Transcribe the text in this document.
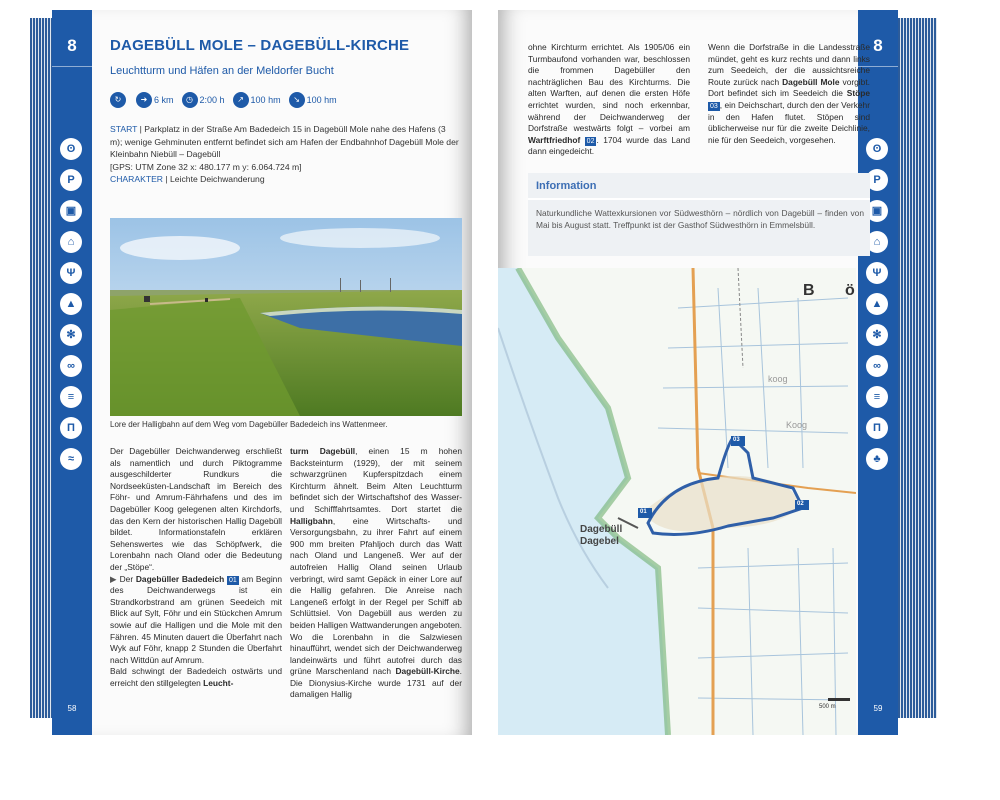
8
ʘ
P
▣
⌂
Ψ
▲
✻
∞
≡
Π
≈
58
DAGEBÜLL MOLE – DAGEBÜLL-KIRCHE
Leuchtturm und Häfen an der Meldorfer Bucht
↻	➜ 6 km	◷ 2:00 h	↗ 100 hm	↘ 100 hm
START | Parkplatz in der Straße Am Badedeich 15 in Dagebüll Mole nahe des Hafens (3 m); wenige Gehminuten entfernt befindet sich am Hafen der Endbahnhof Dagebüll Mole der Kleinbahn Niebüll – Dagebüll
[GPS: UTM Zone 32 x: 480.177 m y: 6.064.724 m]
CHARAKTER | Leichte Deichwanderung
Lore der Halligbahn auf dem Weg vom Dagebüller Badedeich ins Wattenmeer.
Der Dagebüller Deichwanderweg erschließt als namentlich und durch Piktogramme ausgeschilderter Rundkurs die Nordseeküsten-Landschaft im Bereich des Föhr- und Amrum-Fährhafens und des im Dagebüller Koog gelegenen alten Kirchdorfs, das den Kern der historischen Hallig Dagebüll bildet. Informationstafeln erklären Sehenswertes wie das Schöpfwerk, die Lorenbahn nach Oland oder die Bedeutung der „Stöpe“.
▶ Der Dagebüller Badedeich 01 am Beginn des Deichwanderwegs ist ein Strandkorbstrand am grünen Seedeich mit Blick auf Sylt, Föhr und ein Stückchen Amrum sowie auf die Halligen und die Mole mit den Fähren. 45 Minuten dauert die Überfahrt nach Wyk auf Föhr, knapp 2 Stunden die Überfahrt nach Wittdün auf Amrum.
Bald schwingt der Badedeich ostwärts und erreicht den stillgelegten Leucht-
turm Dagebüll, einen 15 m hohen Backsteinturm (1929), der mit seinem schwarzgrünen Kupferspitzdach einem Kirchturm ähnelt. Beim Alten Leuchtturm befindet sich der Wirtschaftshof des Wasser- und Schifffahrtsamtes. Dort startet die Halligbahn, eine Wirtschafts- und Versorgungsbahn, zu ihrer Fahrt auf einem 900 mm breiten Pfahljoch durch das Watt nach Oland und Langeneß. Wer auf der autofreien Hallig Oland seinen Urlaub verbringt, wird samt Gepäck in einer Lore auf die Hallig gefahren. Die Anreise nach Langeneß erfolgt in der Regel per Schiff ab Schlüttsiel. Von Dagebüll aus werden zu beiden Halligen Wattwanderungen angeboten.
Wo die Lorenbahn in die Salzwiesen hinaufführt, wendet sich der Deichwanderweg landeinwärts und führt autofrei durch das grüne Marschenland nach Dagebüll-Kirche. Die Dionysius-Kirche wurde 1731 auf der damaligen Hallig
8
ʘ
P
▣
⌂
Ψ
▲
✻
∞
≡
Π
♣
59
ohne Kirchturm errichtet. Als 1905/06 ein Turmbaufond vorhanden war, beschlossen die frommen Dagebüller den nachträglichen Bau des Kirchturms. Die alten Warften, auf denen die ersten Höfe errichtet wurden, sind noch erkennbar, während der Deichwanderweg der Dorfstraße westwärts folgt – vorbei am Warftfriedhof 02 . 1704 wurde das Land dann eingedeicht.
Wenn die Dorfstraße in die Landesstraße mündet, geht es kurz rechts und dann links zum Seedeich, der die aussichtsreiche Route zurück nach Dagebüll Mole vorgibt. Dort befindet sich im Seedeich die Stöpe 03 , ein Deichschart, durch den der Verkehr in den Hafen flutet. Stöpen sind üblicherweise nur für die zweite Deichlinie, nie für den Seedeich, vorgesehen.
Information
Naturkundliche Wattexkursionen vor Südwesthörn – nördlich von Dagebüll – finden von Mai bis August statt. Treffpunkt ist der Gasthof Südwesthörn in Emmelsbüll.
Dagebüll
Dagebel
B ö
koog
Koog
03
02
01
500 m
